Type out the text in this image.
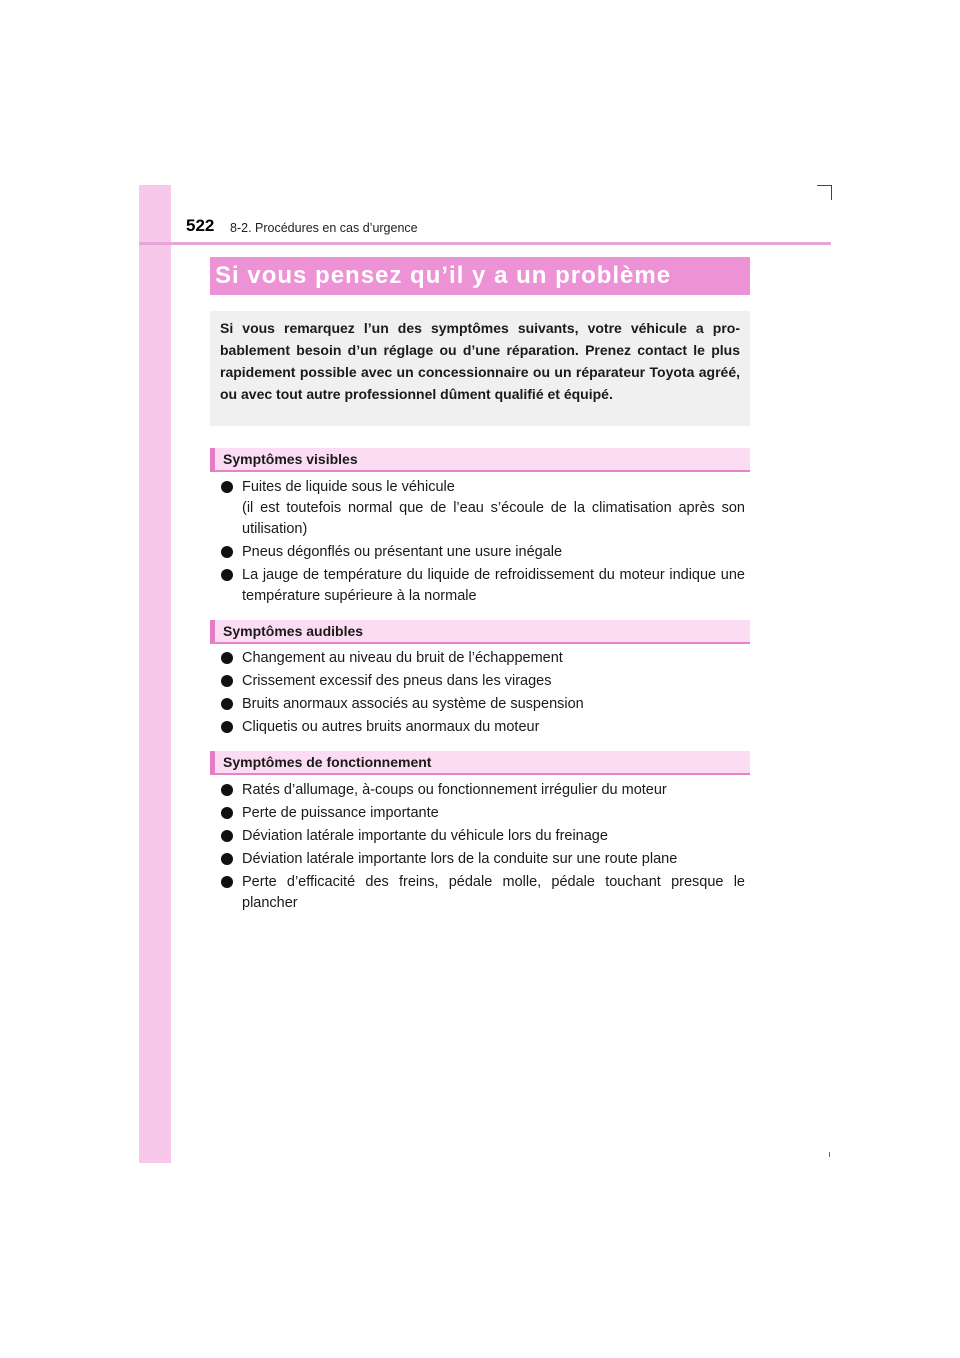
522 8-2. Procédures en cas d’urgence
Si vous pensez qu’il y a un problème
Si vous remarquez l’un des symptômes suivants, votre véhicule a probablement besoin d’un réglage ou d’une réparation. Prenez contact le plus rapidement possible avec un concessionnaire ou un réparateur Toyota agréé, ou avec tout autre professionnel dûment qualifié et équipé.
Symptômes visibles
Fuites de liquide sous le véhicule
(il est toutefois normal que de l’eau s’écoule de la climatisation après son utilisation)
Pneus dégonflés ou présentant une usure inégale
La jauge de température du liquide de refroidissement du moteur indique une température supérieure à la normale
Symptômes audibles
Changement au niveau du bruit de l’échappement
Crissement excessif des pneus dans les virages
Bruits anormaux associés au système de suspension
Cliquetis ou autres bruits anormaux du moteur
Symptômes de fonctionnement
Ratés d’allumage, à-coups ou fonctionnement irrégulier du moteur
Perte de puissance importante
Déviation latérale importante du véhicule lors du freinage
Déviation latérale importante lors de la conduite sur une route plane
Perte d’efficacité des freins, pédale molle, pédale touchant presque le plancher
